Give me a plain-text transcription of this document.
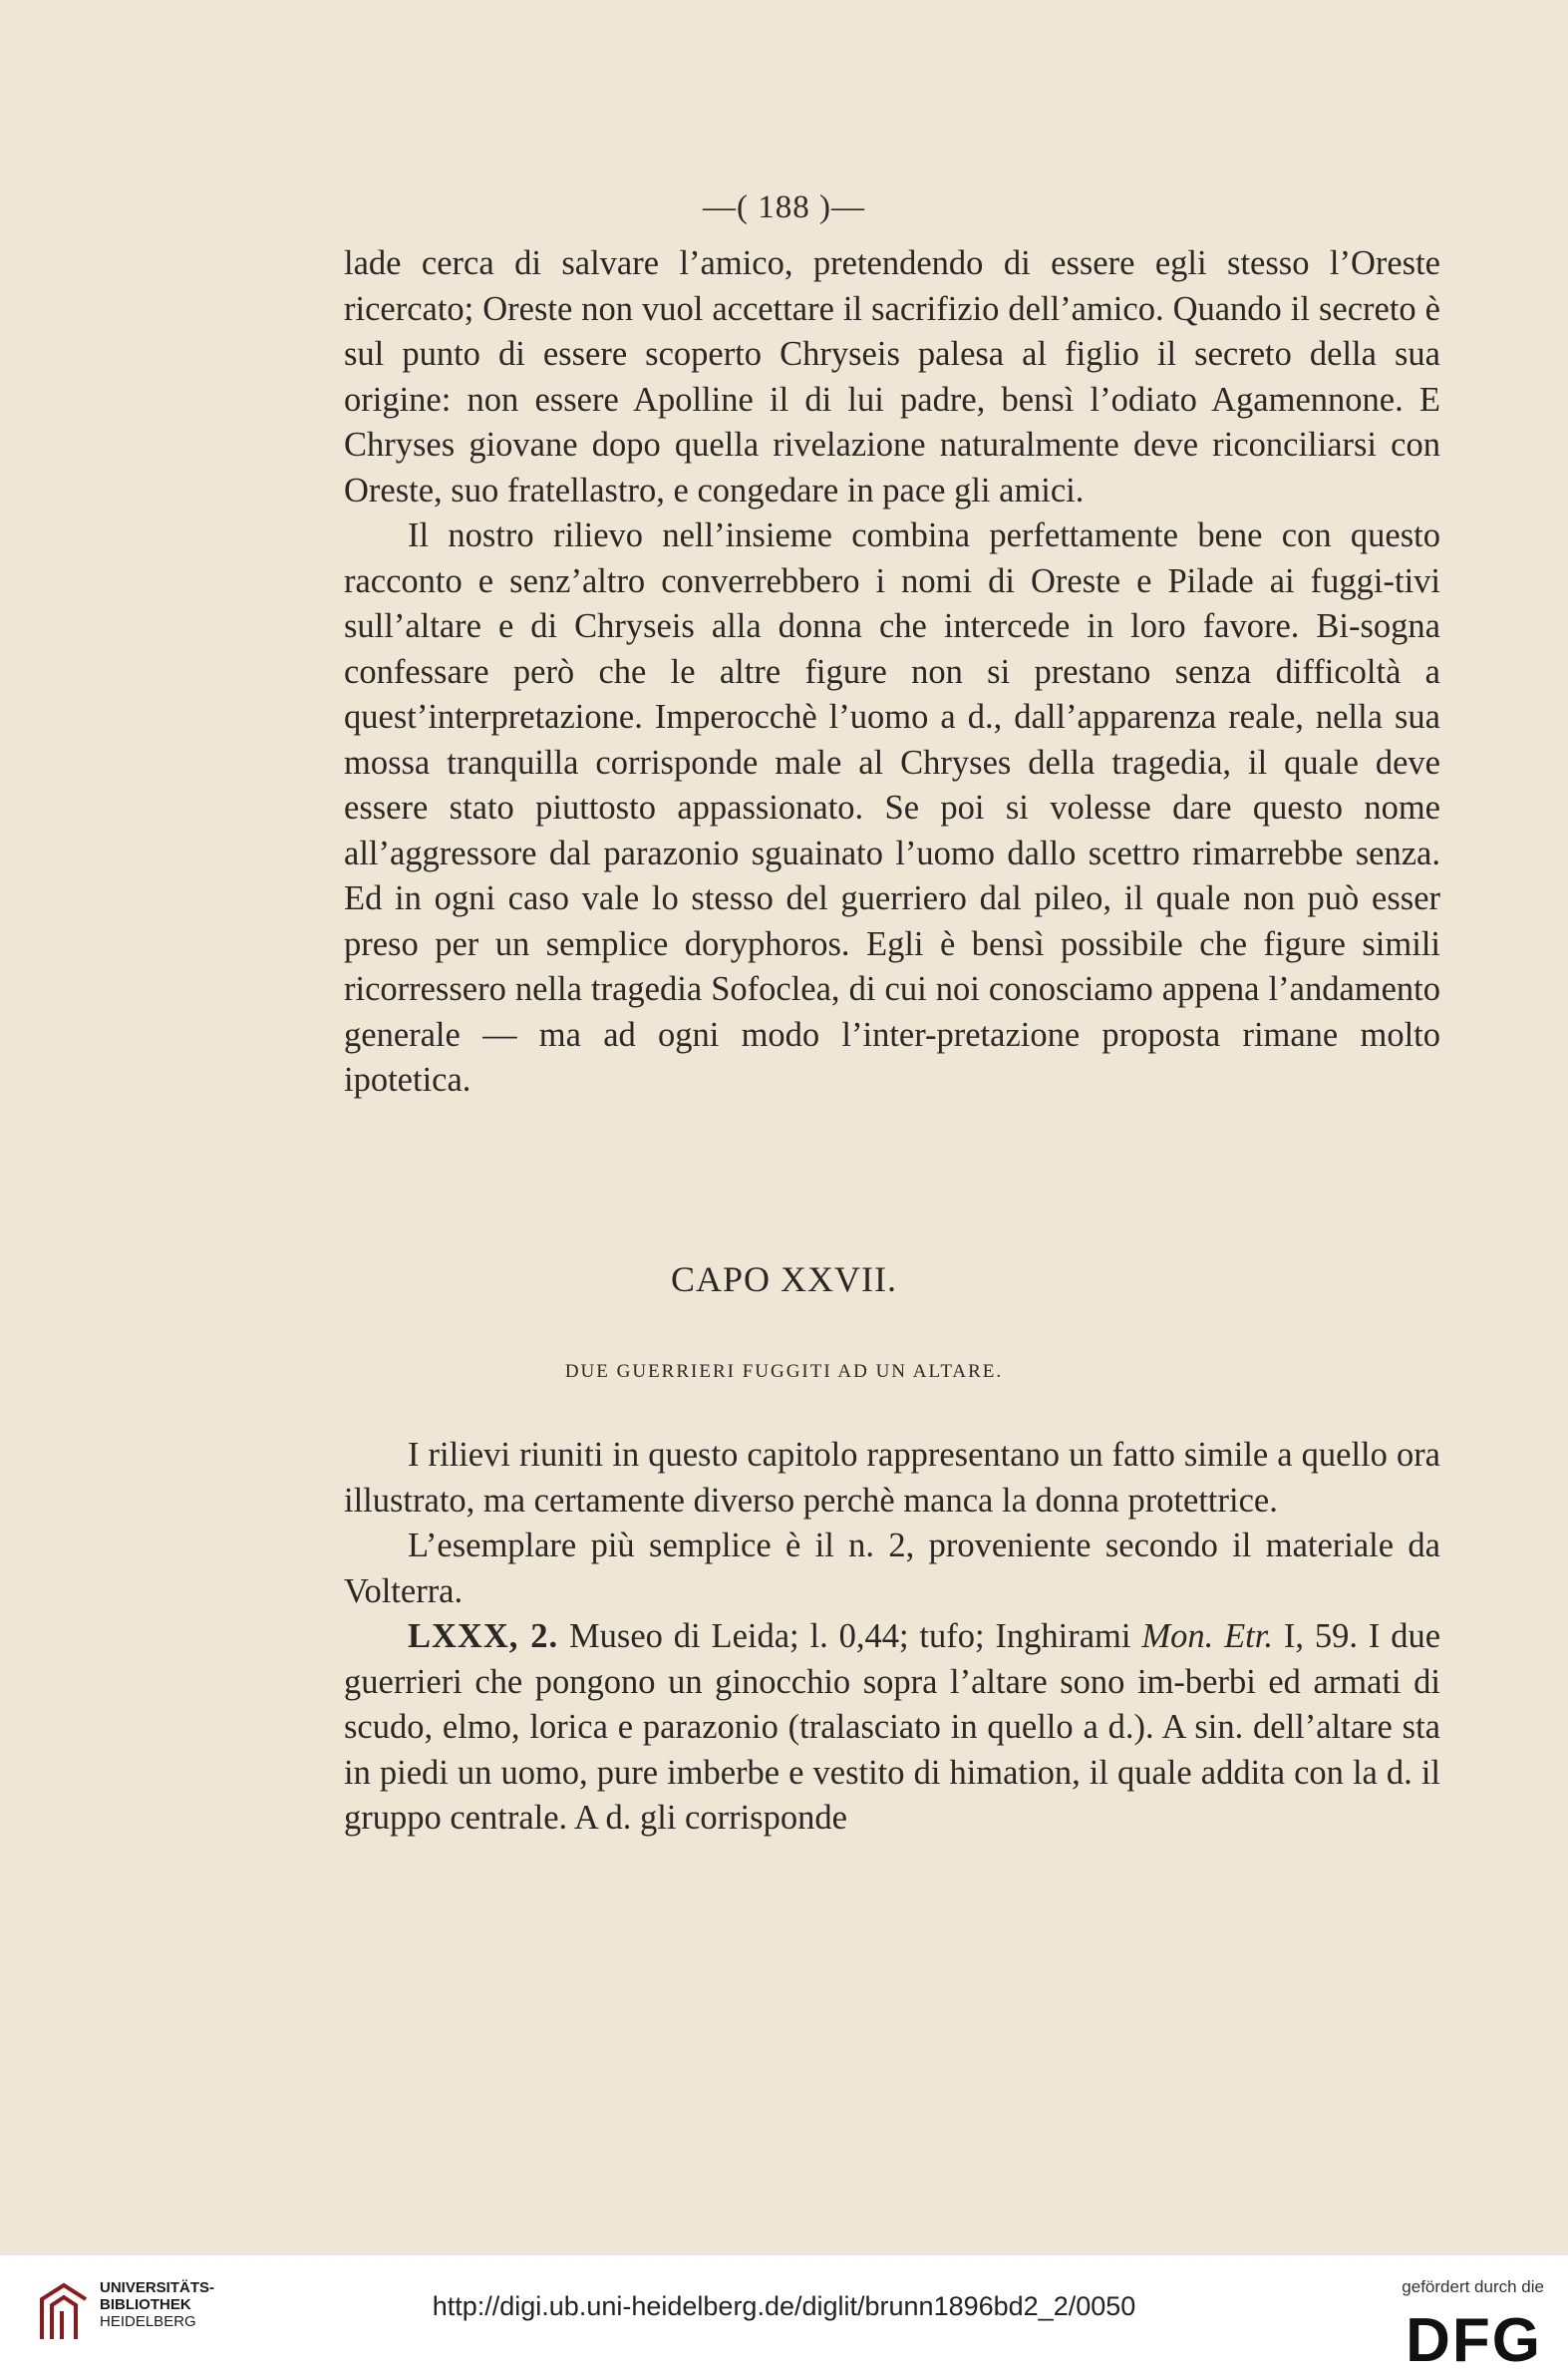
—( 188 )—

lade cerca di salvare l’amico, pretendendo di essere egli stesso l’Oreste ricercato; Oreste non vuol accettare il sacrifizio dell’amico. Quando il secreto è sul punto di essere scoperto Chryseis palesa al figlio il secreto della sua origine: non essere Apolline il di lui padre, bensì l’odiato Agamennone. E Chryses giovane dopo quella rivelazione naturalmente deve riconciliarsi con Oreste, suo fratellastro, e congedare in pace gli amici.

Il nostro rilievo nell’insieme combina perfettamente bene con questo racconto e senz’altro converrebbero i nomi di Oreste e Pilade ai fuggi-tivi sull’altare e di Chryseis alla donna che intercede in loro favore. Bi-sogna confessare però che le altre figure non si prestano senza difficoltà a quest’interpretazione. Imperocchè l’uomo a d., dall’apparenza reale, nella sua mossa tranquilla corrisponde male al Chryses della tragedia, il quale deve essere stato piuttosto appassionato. Se poi si volesse dare questo nome all’aggressore dal parazonio sguainato l’uomo dallo scettro rimarrebbe senza. Ed in ogni caso vale lo stesso del guerriero dal pileo, il quale non può esser preso per un semplice doryphoros. Egli è bensì possibile che figure simili ricorressero nella tragedia Sofoclea, di cui noi conosciamo appena l’andamento generale — ma ad ogni modo l’inter-pretazione proposta rimane molto ipotetica.

CAPO XXVII.
DUE GUERRIERI FUGGITI AD UN ALTARE.

I rilievi riuniti in questo capitolo rappresentano un fatto simile a quello ora illustrato, ma certamente diverso perchè manca la donna protettrice.

L’esemplare più semplice è il n. 2, proveniente secondo il materiale da Volterra.

LXXX, 2. Museo di Leida; l. 0,44; tufo; Inghirami Mon. Etr. I, 59. I due guerrieri che pongono un ginocchio sopra l’altare sono im-berbi ed armati di scudo, elmo, lorica e parazonio (tralasciato in quello a d.). A sin. dell’altare sta in piedi un uomo, pure imberbe e vestito di himation, il quale addita con la d. il gruppo centrale. A d. gli corrisponde

UNIVERSITÄTS-
BIBLIOTHEK
HEIDELBERG
http://digi.ub.uni-heidelberg.de/diglit/brunn1896bd2_2/0050
gefördert durch die
DFG
